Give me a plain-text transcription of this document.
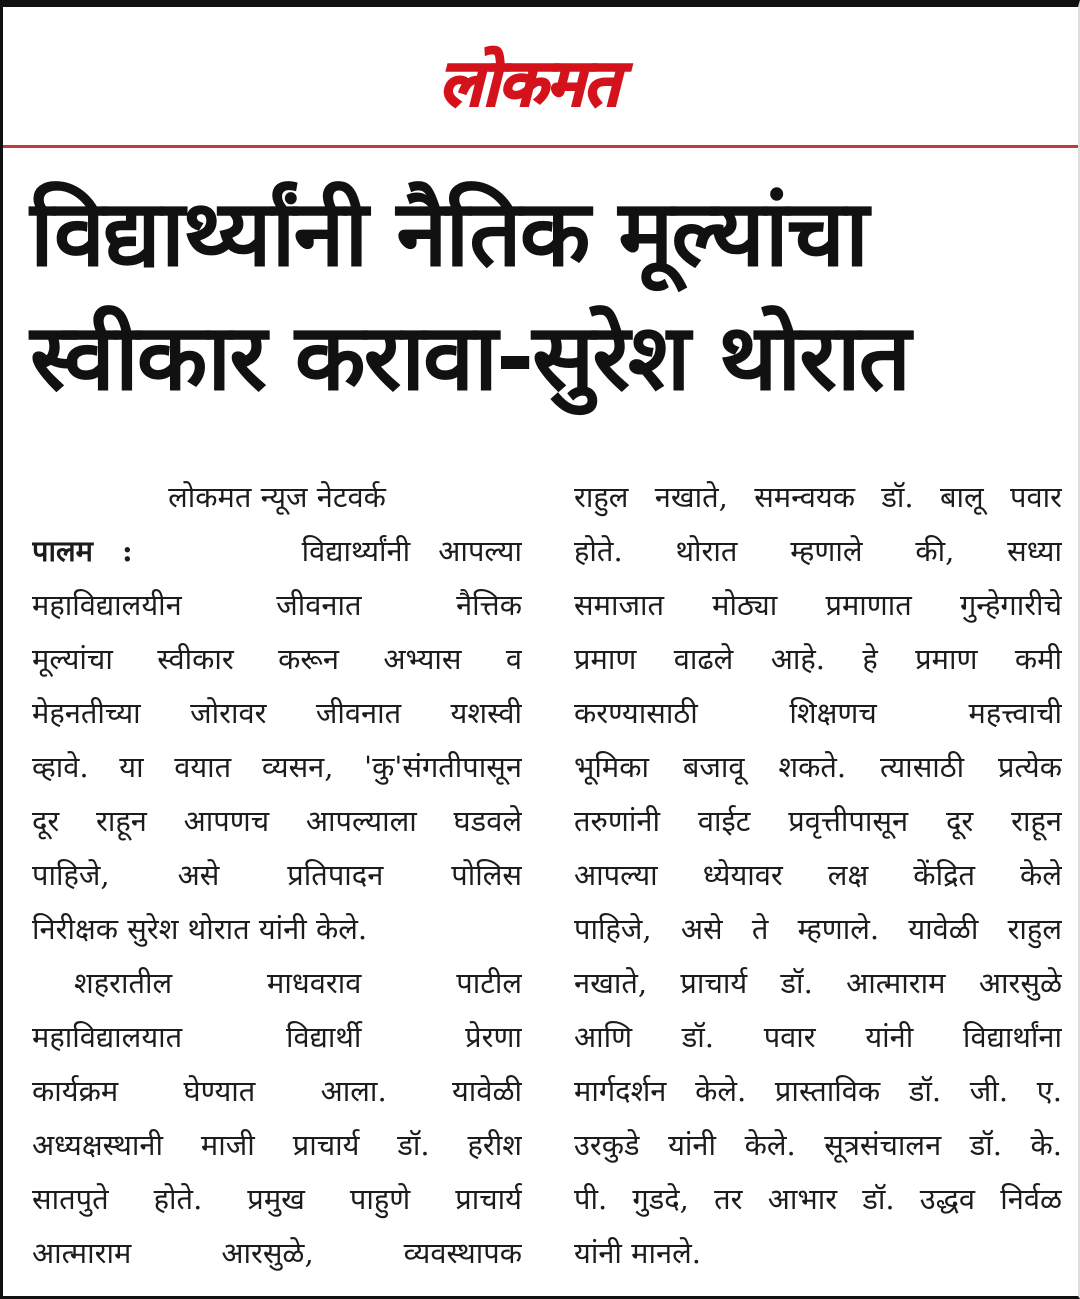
लोकमत
विद्यार्थ्यांनी नैतिक मूल्यांचा
स्वीकार करावा-सुरेश थोरात
लोकमत न्यूज नेटवर्क
पालम :	विद्यार्थ्यांनी आपल्या
महाविद्यालयीन जीवनात नैत्तिक
मूल्यांचा स्वीकार करून अभ्यास व
मेहनतीच्या जोरावर जीवनात यशस्वी
व्हावे. या वयात व्यसन, 'कु'संगतीपासून
दूर राहून आपणच आपल्याला घडवले
पाहिजे, असे प्रतिपादन पोलिस
निरीक्षक सुरेश थोरात यांनी केले.
शहरातील माधवराव पाटील
महाविद्यालयात विद्यार्थी प्रेरणा
कार्यक्रम घेण्यात आला. यावेळी
अध्यक्षस्थानी माजी प्राचार्य डॉ. हरीश
सातपुते होते. प्रमुख पाहुणे प्राचार्य
आत्माराम आरसुळे, व्यवस्थापक
राहुल नखाते, समन्वयक डॉ. बालू पवार
होते. थोरात म्हणाले की, सध्या
समाजात मोठ्या प्रमाणात गुन्हेगारीचे
प्रमाण वाढले आहे. हे प्रमाण कमी
करण्यासाठी शिक्षणच महत्त्वाची
भूमिका बजावू शकते. त्यासाठी प्रत्येक
तरुणांनी वाईट प्रवृत्तीपासून दूर राहून
आपल्या ध्येयावर लक्ष केंद्रित केले
पाहिजे, असे ते म्हणाले. यावेळी राहुल
नखाते, प्राचार्य डॉ. आत्माराम आरसुळे
आणि डॉ. पवार यांनी विद्यार्थांना
मार्गदर्शन केले. प्रास्ताविक डॉ. जी. ए.
उरकुडे यांनी केले. सूत्रसंचालन डॉ. के.
पी. गुडदे, तर आभार डॉ. उद्धव निर्वळ
यांनी मानले.
